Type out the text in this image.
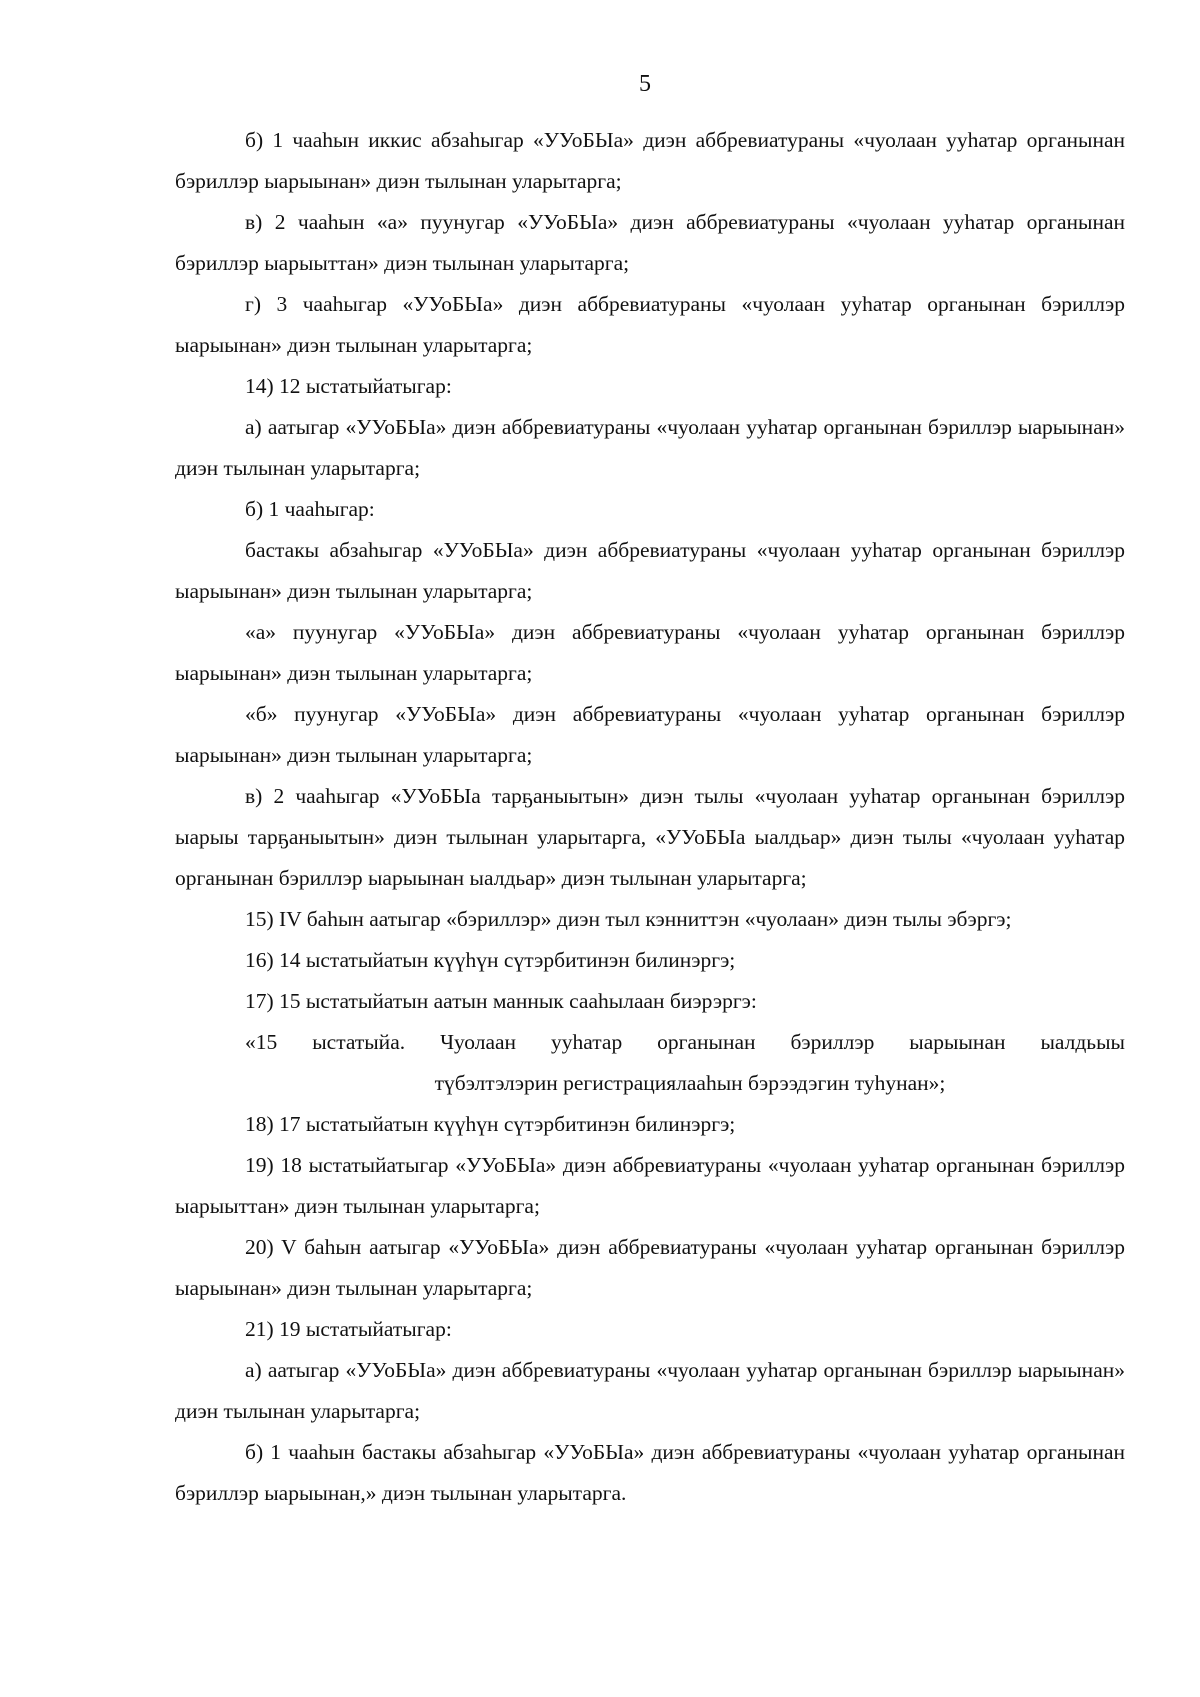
5

б) 1 чааһын иккис абзаһыгар «УУоБЫа» диэн аббревиатураны «чуолаан ууһатар органынан бэриллэр ыарыынан» диэн тылынан уларытарга;

в) 2 чааһын «а» пуунугар «УУоБЫа» диэн аббревиатураны «чуолаан ууһатар органынан бэриллэр ыарыыттан» диэн тылынан уларытарга;

г) 3 чааһыгар «УУоБЫа» диэн аббревиатураны «чуолаан ууһатар органынан бэриллэр ыарыынан» диэн тылынан уларытарга;

14) 12 ыстатыйатыгар:

а) аатыгар «УУоБЫа» диэн аббревиатураны «чуолаан ууһатар органынан бэриллэр ыарыынан» диэн тылынан уларытарга;

б) 1 чааһыгар:

бастакы абзаһыгар «УУоБЫа» диэн аббревиатураны «чуолаан ууһатар органынан бэриллэр ыарыынан» диэн тылынан уларытарга;

«а» пуунугар «УУоБЫа» диэн аббревиатураны «чуолаан ууһатар органынан бэриллэр ыарыынан» диэн тылынан уларытарга;

«б» пуунугар «УУоБЫа» диэн аббревиатураны «чуолаан ууһатар органынан бэриллэр ыарыынан» диэн тылынан уларытарга;

в) 2 чааһыгар «УУоБЫа тарҕаныытын» диэн тылы «чуолаан ууһатар органынан бэриллэр ыарыы тарҕаныытын» диэн тылынан уларытарга, «УУоБЫа ыалдьар» диэн тылы «чуолаан ууһатар органынан бэриллэр ыарыынан ыалдьар» диэн тылынан уларытарга;

15) IV баһын аатыгар «бэриллэр» диэн тыл кэнниттэн «чуолаан» диэн тылы эбэргэ;

16) 14 ыстатыйатын күүһүн сүтэрбитинэн билинэргэ;

17) 15 ыстатыйатын аатын маннык сааһылаан биэрэргэ:

«15 ыстатыйа. Чуолаан ууһатар органынан бэриллэр ыарыынан ыалдьыы

түбэлтэлэрин регистрациялааһын бэрээдэгин туһунан»;

18) 17 ыстатыйатын күүһүн сүтэрбитинэн билинэргэ;

19) 18 ыстатыйатыгар «УУоБЫа» диэн аббревиатураны «чуолаан ууһатар органынан бэриллэр ыарыыттан» диэн тылынан уларытарга;

20) V баһын аатыгар «УУоБЫа» диэн аббревиатураны «чуолаан ууһатар органынан бэриллэр ыарыынан» диэн тылынан уларытарга;

21) 19 ыстатыйатыгар:

а) аатыгар «УУоБЫа» диэн аббревиатураны «чуолаан ууһатар органынан бэриллэр ыарыынан» диэн тылынан уларытарга;

б) 1 чааһын бастакы абзаһыгар «УУоБЫа» диэн аббревиатураны «чуолаан ууһатар органынан бэриллэр ыарыынан,» диэн тылынан уларытарга.
